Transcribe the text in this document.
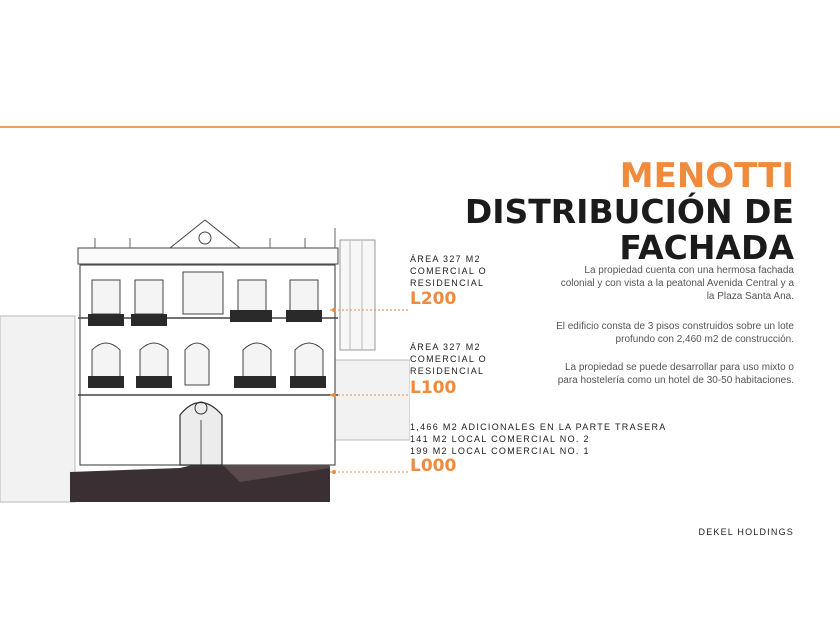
MENOTTI
DISTRIBUCIÓN DE FACHADA
La propiedad cuenta con una hermosa fachada colonial y con vista a la peatonal Avenida Central y a la Plaza Santa Ana.
El edificio consta de 3 pisos construidos sobre un lote profundo con 2,460 m2 de construcción.
La propiedad se puede desarrollar para uso mixto o para hostelería como un hotel de 30-50 habitaciones.
ÁREA 327 M2
COMERCIAL O
RESIDENCIAL
L200
ÁREA 327 M2
COMERCIAL O
RESIDENCIAL
L100
1,466 M2 ADICIONALES EN LA PARTE TRASERA
141 M2 LOCAL COMERCIAL NO. 2
199 M2 LOCAL COMERCIAL NO. 1
L000
DEKEL HOLDINGS
